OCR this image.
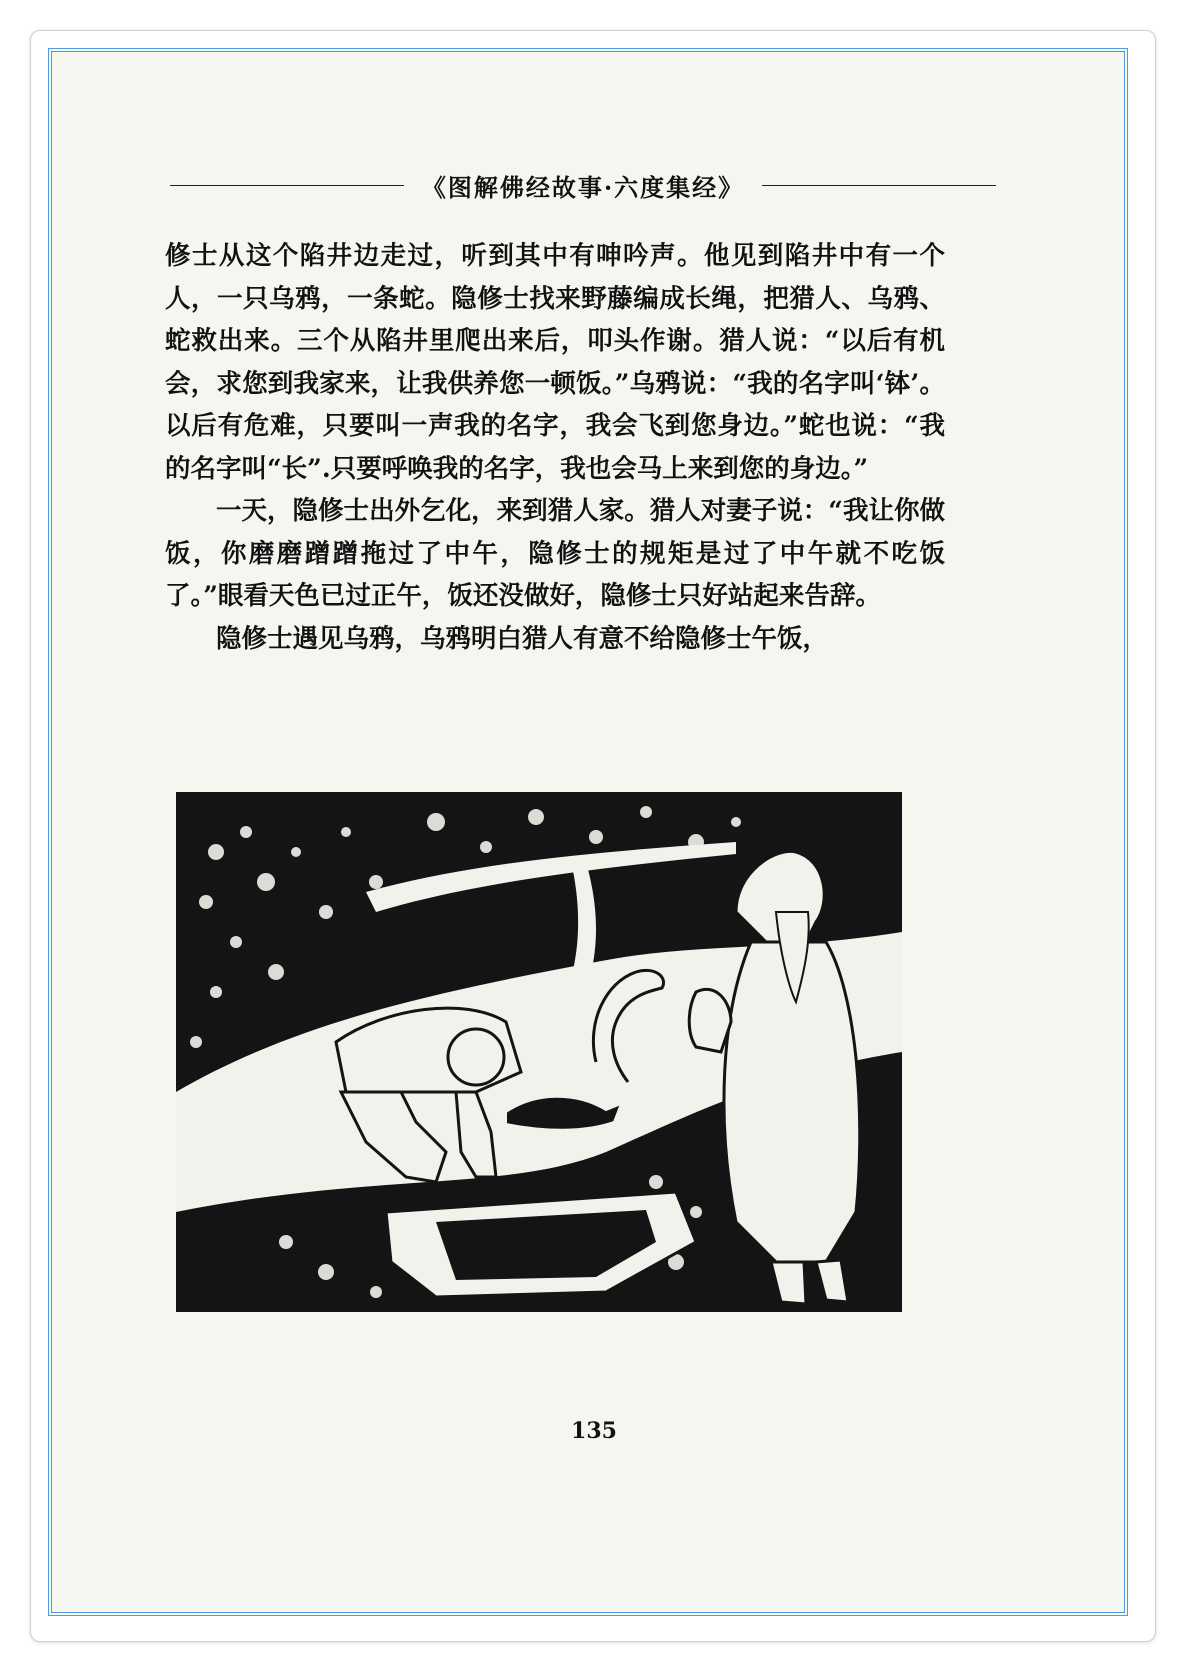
《图解佛经故事·六度集经》

修士从这个陷井边走过，听到其中有呻吟声。他见到陷井中有一个人，一只乌鸦，一条蛇。隐修士找来野藤编成长绳，把猎人、乌鸦、蛇救出来。三个从陷井里爬出来后，叩头作谢。猎人说：“以后有机会，求您到我家来，让我供养您一顿饭。”乌鸦说：“我的名字叫‘钵’。以后有危难，只要叫一声我的名字，我会飞到您身边。”蛇也说：“我的名字叫“长”.只要呼唤我的名字，我也会马上来到您的身边。”

一天，隐修士出外乞化，来到猎人家。猎人对妻子说：“我让你做饭，你磨磨蹭蹭拖过了中午，隐修士的规矩是过了中午就不吃饭了。”眼看天色已过正午，饭还没做好，隐修士只好站起来告辞。

隐修士遇见乌鸦，乌鸦明白猎人有意不给隐修士午饭，

135
